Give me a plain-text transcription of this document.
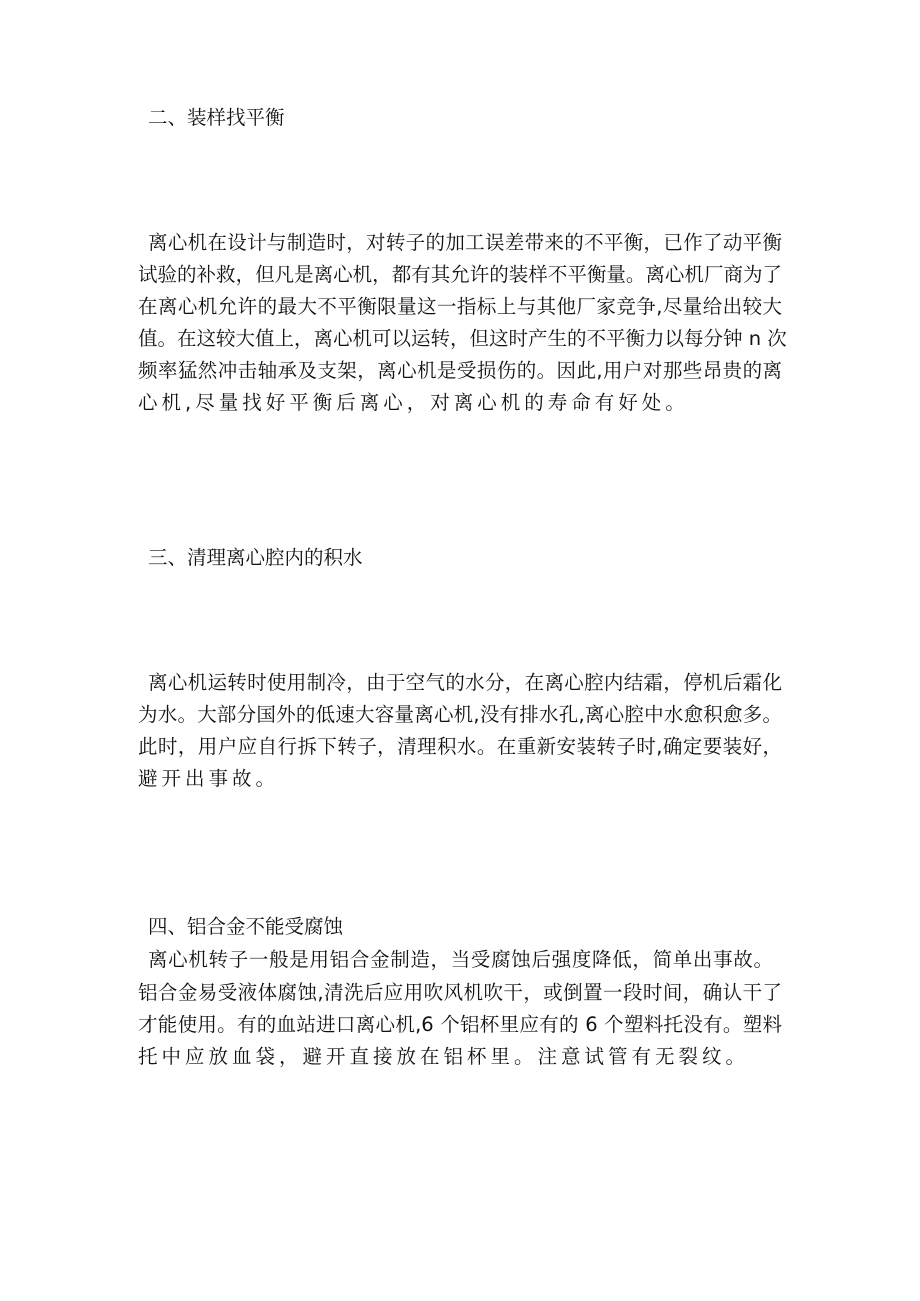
二、装样找平衡
离心机在设计与制造时，对转子的加工误差带来的不平衡，已作了动平衡
试验的补救，但凡是离心机，都有其允许的装样不平衡量。离心机厂商为了
在离心机允许的最大不平衡限量这一指标上与其他厂家竞争,尽量给出较大
值。在这较大值上，离心机可以运转，但这时产生的不平衡力以每分钟 n 次
频率猛然冲击轴承及支架，离心机是受损伤的。因此,用户对那些昂贵的离
心机,尽量找好平衡后离心，对离心机的寿命有好处。
三、清理离心腔内的积水
离心机运转时使用制冷，由于空气的水分，在离心腔内结霜，停机后霜化
为水。大部分国外的低速大容量离心机,没有排水孔,离心腔中水愈积愈多。
此时，用户应自行拆下转子，清理积水。在重新安装转子时,确定要装好，
避开出事故。
四、铝合金不能受腐蚀
离心机转子一般是用铝合金制造，当受腐蚀后强度降低，简单出事故。
铝合金易受液体腐蚀,清洗后应用吹风机吹干，或倒置一段时间，确认干了
才能使用。有的血站进口离心机,6 个铝杯里应有的 6 个塑料托没有。塑料
托中应放血袋，避开直接放在铝杯里。注意试管有无裂纹。
